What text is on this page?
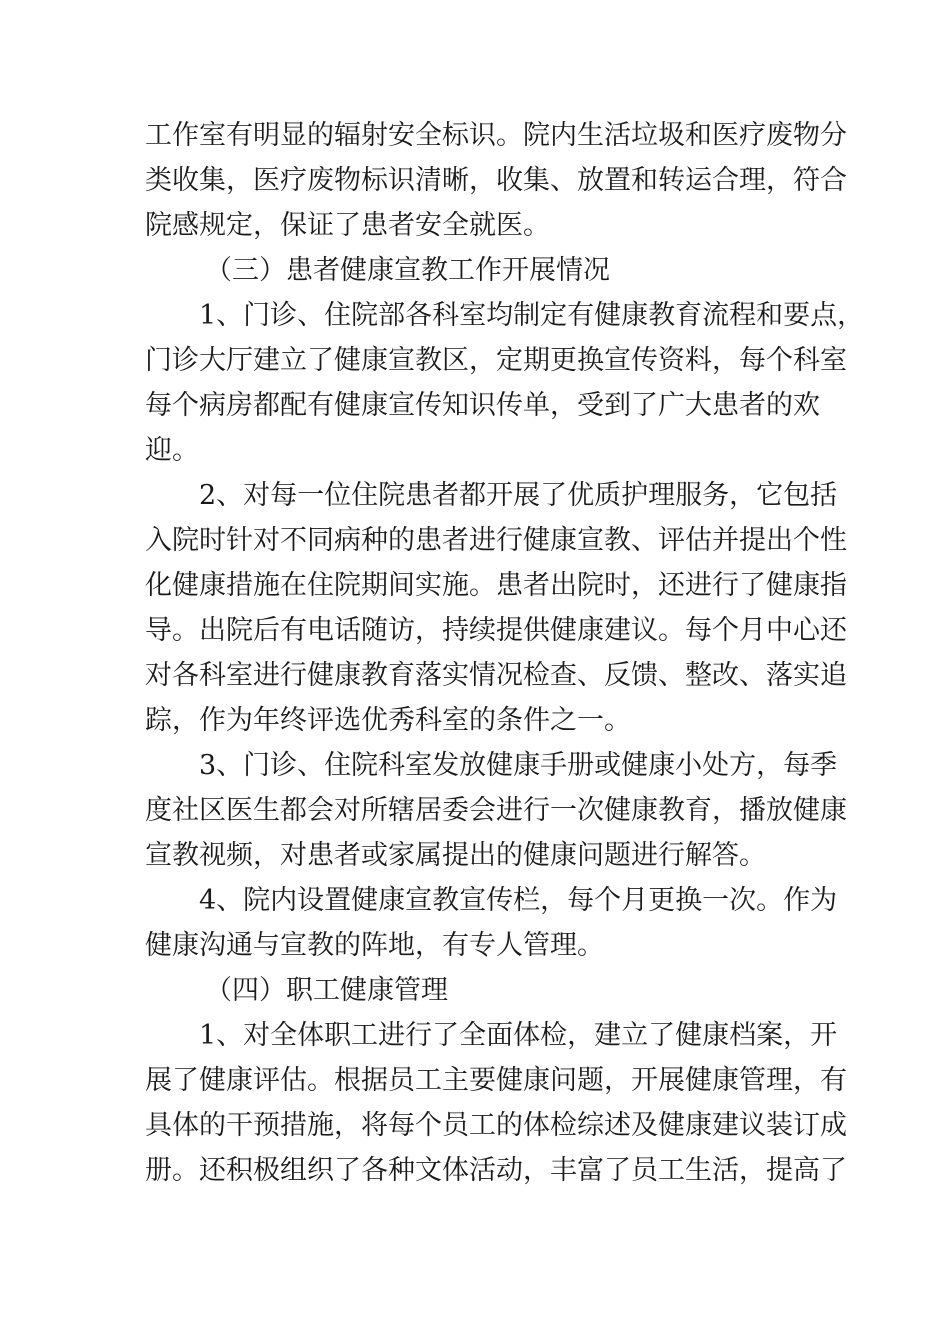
工作室有明显的辐射安全标识。院内生活垃圾和医疗废物分
类收集，医疗废物标识清晰，收集、放置和转运合理，符合
院感规定，保证了患者安全就医。
（三）患者健康宣教工作开展情况
1、门诊、住院部各科室均制定有健康教育流程和要点，
门诊大厅建立了健康宣教区，定期更换宣传资料，每个科室
每个病房都配有健康宣传知识传单，受到了广大患者的欢
迎。
2、对每一位住院患者都开展了优质护理服务，它包括
入院时针对不同病种的患者进行健康宣教、评估并提出个性
化健康措施在住院期间实施。患者出院时，还进行了健康指
导。出院后有电话随访，持续提供健康建议。每个月中心还
对各科室进行健康教育落实情况检查、反馈、整改、落实追
踪，作为年终评选优秀科室的条件之一。
3、门诊、住院科室发放健康手册或健康小处方，每季
度社区医生都会对所辖居委会进行一次健康教育，播放健康
宣教视频，对患者或家属提出的健康问题进行解答。
4、院内设置健康宣教宣传栏，每个月更换一次。作为
健康沟通与宣教的阵地，有专人管理。
（四）职工健康管理
1、对全体职工进行了全面体检，建立了健康档案，开
展了健康评估。根据员工主要健康问题，开展健康管理，有
具体的干预措施，将每个员工的体检综述及健康建议装订成
册。还积极组织了各种文体活动，丰富了员工生活，提高了
